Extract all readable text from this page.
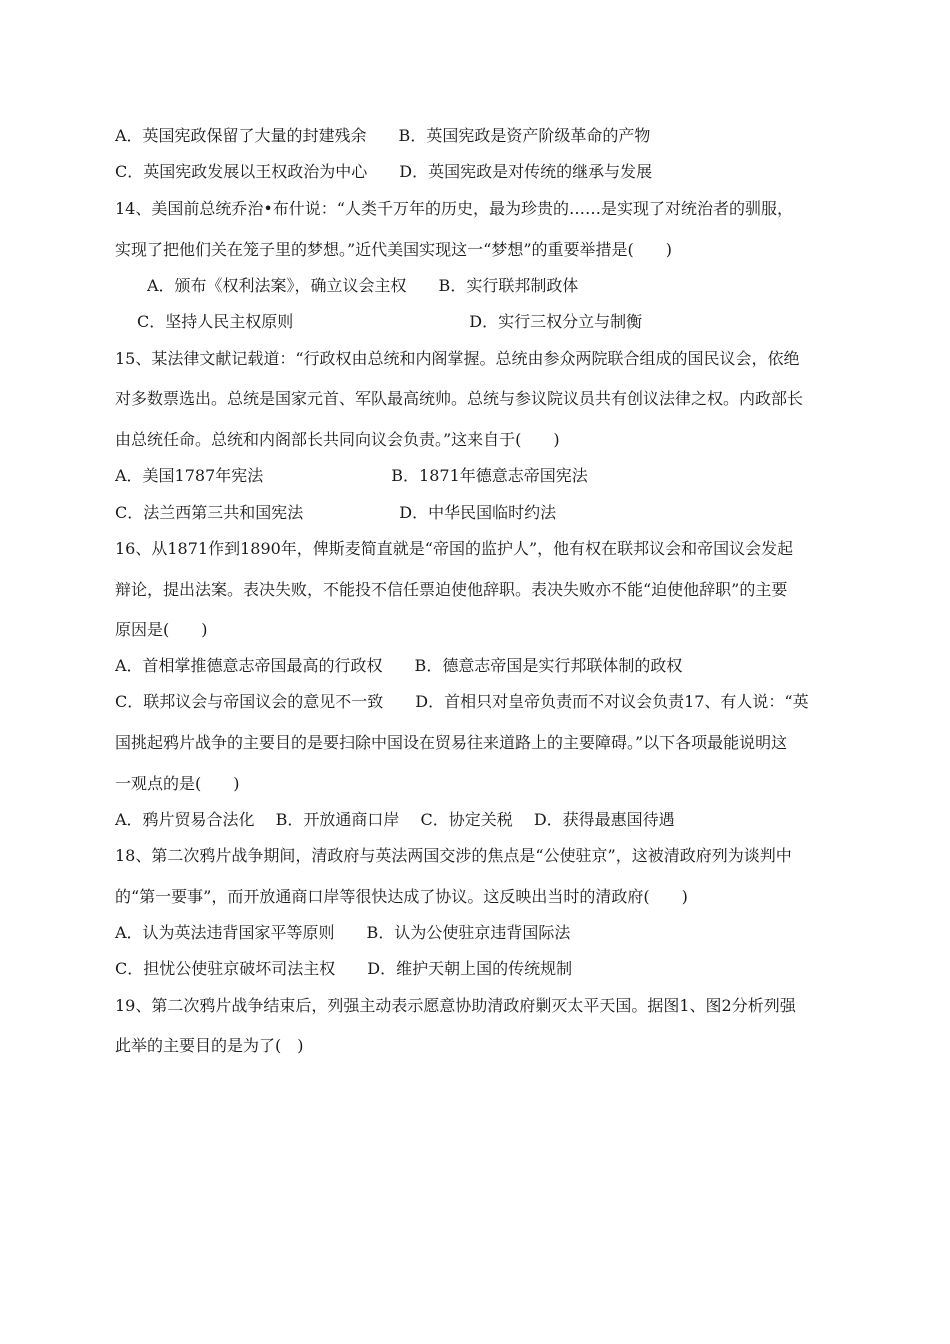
A．英国宪政保留了大量的封建残余　　B．英国宪政是资产阶级革命的产物
C．英国宪政发展以王权政治为中心　　D．英国宪政是对传统的继承与发展
14、美国前总统乔治•布什说：“人类千万年的历史，最为珍贵的……是实现了对统治者的驯服，
实现了把他们关在笼子里的梦想。”近代美国实现这一“梦想”的重要举措是(　　)
A．颁布《权利法案》，确立议会主权　　B．实行联邦制政体
C．坚持人民主权原则　　　　　　　　　　　D．实行三权分立与制衡
15、某法律文献记载道：“行政权由总统和内阁掌握。总统由参众两院联合组成的国民议会，依绝
对多数票选出。总统是国家元首、军队最高统帅。总统与参议院议员共有创议法律之权。内政部长
由总统任命。总统和内阁部长共同向议会负责。”这来自于(　　)
A．美国1787年宪法　　　　　　　　B．1871年德意志帝国宪法
C．法兰西第三共和国宪法　　　　　　D．中华民国临时约法
16、从1871作到1890年，俾斯麦简直就是“帝国的监护人”，他有权在联邦议会和帝国议会发起
辩论，提出法案。表决失败，不能投不信任票迫使他辞职。表决失败亦不能“迫使他辞职”的主要
原因是(　　)
A．首相掌推德意志帝国最高的行政权　　B．德意志帝国是实行邦联体制的政权
C．联邦议会与帝国议会的意见不一致　　D．首相只对皇帝负责而不对议会负责17、有人说：“英
国挑起鸦片战争的主要目的是要扫除中国设在贸易往来道路上的主要障碍。”以下各项最能说明这
一观点的是(　　)
A．鸦片贸易合法化　 B．开放通商口岸　 C．协定关税　 D．获得最惠国待遇
18、第二次鸦片战争期间，清政府与英法两国交涉的焦点是“公使驻京”，这被清政府列为谈判中
的“第一要事”，而开放通商口岸等很快达成了协议。这反映出当时的清政府(　　)
A．认为英法违背国家平等原则　　B．认为公使驻京违背国际法
C．担忧公使驻京破坏司法主权　　D．维护天朝上国的传统规制
19、第二次鸦片战争结束后，列强主动表示愿意协助清政府剿灭太平天国。据图1、图2分析列强
此举的主要目的是为了(　)
